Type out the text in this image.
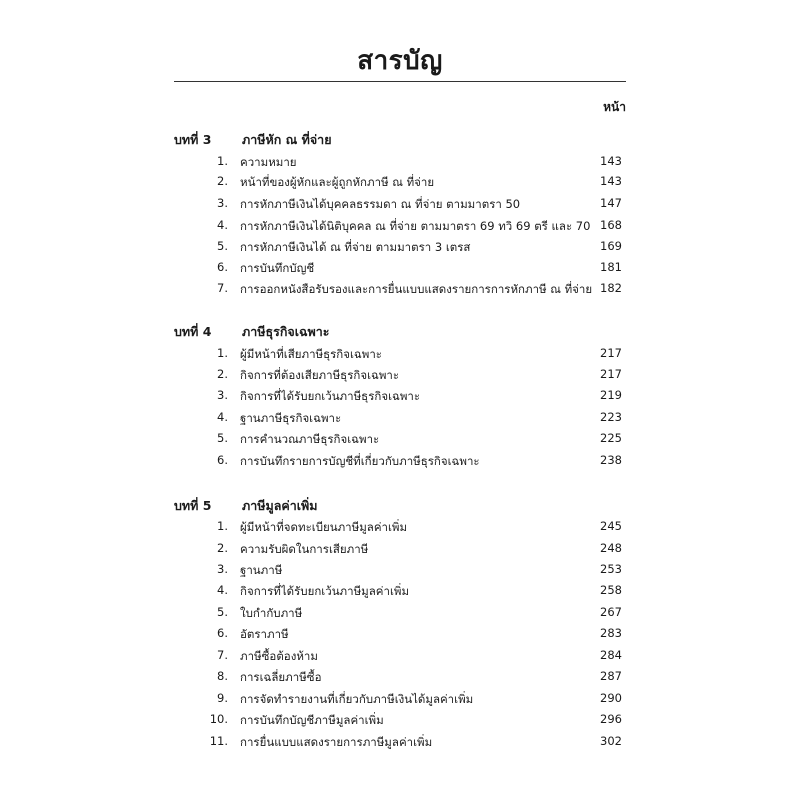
สารบัญ
หน้า
บทที่ 3 ภาษีหัก ณ ที่จ่าย
1. ความหมาย	143
2. หน้าที่ของผู้หักและผู้ถูกหักภาษี ณ ที่จ่าย	143
3. การหักภาษีเงินได้บุคคลธรรมดา ณ ที่จ่าย ตามมาตรา 50	147
4. การหักภาษีเงินได้นิติบุคคล ณ ที่จ่าย ตามมาตรา 69 ทวิ 69 ตรี และ 70 168
5. การหักภาษีเงินได้ ณ ที่จ่าย ตามมาตรา 3 เตรส	169
6. การบันทึกบัญชี	181
7. การออกหนังสือรับรองและการยื่นแบบแสดงรายการการหักภาษี ณ ที่จ่าย 182
บทที่ 4 ภาษีธุรกิจเฉพาะ
1. ผู้มีหน้าที่เสียภาษีธุรกิจเฉพาะ	217
2. กิจการที่ต้องเสียภาษีธุรกิจเฉพาะ	217
3. กิจการที่ได้รับยกเว้นภาษีธุรกิจเฉพาะ	219
4. ฐานภาษีธุรกิจเฉพาะ	223
5. การคำนวณภาษีธุรกิจเฉพาะ	225
6. การบันทึกรายการบัญชีที่เกี่ยวกับภาษีธุรกิจเฉพาะ	238
บทที่ 5 ภาษีมูลค่าเพิ่ม
1. ผู้มีหน้าที่จดทะเบียนภาษีมูลค่าเพิ่ม	245
2. ความรับผิดในการเสียภาษี	248
3. ฐานภาษี	253
4. กิจการที่ได้รับยกเว้นภาษีมูลค่าเพิ่ม	258
5. ใบกำกับภาษี	267
6. อัตราภาษี	283
7. ภาษีซื้อต้องห้าม	284
8. การเฉลี่ยภาษีซื้อ	287
9. การจัดทำรายงานที่เกี่ยวกับภาษีเงินได้มูลค่าเพิ่ม	290
10. การบันทึกบัญชีภาษีมูลค่าเพิ่ม	296
11. การยื่นแบบแสดงรายการภาษีมูลค่าเพิ่ม	302
